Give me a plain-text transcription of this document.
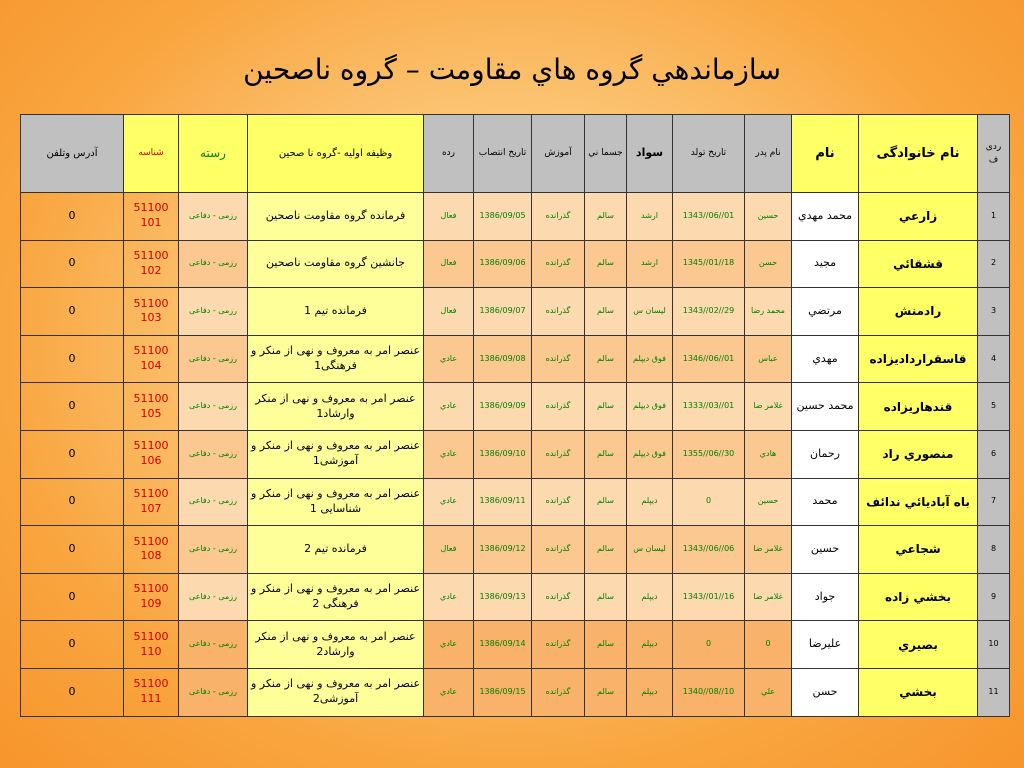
سازماندهي گروه هاي مقاومت – گروه ناصحين
آدرس وتلفن	شناسه	رسته	وظيفه اوليه -گروه نا صحين	رده	تاريخ انتصاب	آموزش	جسما ني	سواد	تاريخ تولد	نام پدر	نام	نام خانوادگی	ردی ف
0	51100 101	رزمی - دفاعی	فرمانده گروه مقاومت ناصحين	فعال	1386/09/05	گذرانده	سالم	ارشد	1343//06//01	حسين	محمد مهدي	زارعي	1
0	51100 102	رزمی - دفاعی	جانشین گروه مقاومت ناصحين	فعال	1386/09/06	گذرانده	سالم	ارشد	1345//01//18	حسن	مجيد	قشقائي	2
0	51100 103	رزمی - دفاعی	فرمانده تیم 1	فعال	1386/09/07	گذرانده	سالم	ليسان س	1343//02//29	محمد رضا	مرتضي	رادمنش	3
0	51100 104	رزمی - دفاعی	عنصر امر به معروف و نهی از منکر و فرهنگی1	عادي	1386/09/08	گذرانده	سالم	فوق ديپلم	1346//06//01	عباس	مهدي	قاسقرارداديزاده	4
0	51100 105	رزمی - دفاعی	عنصر امر به معروف و نهی از منکر وارشاد1	عادي	1386/09/09	گذرانده	سالم	فوق ديپلم	1333//03//01	غلامر ضا	محمد حسين	قندهاريزاده	5
0	51100 106	رزمی - دفاعی	عنصر امر به معروف و نهی از منکر و آموزشی1	عادي	1386/09/10	گذرانده	سالم	فوق ديپلم	1355//06//30	هادي	رحمان	منصوري راد	6
0	51100 107	رزمی - دفاعی	عنصر امر به معروف و نهی از منکر و شناسایی 1	عادي	1386/09/11	گذرانده	سالم	ديپلم	0	حسين	محمد	باه آباديائي ندائف	7
0	51100 108	رزمی - دفاعی	فرمانده تیم 2	فعال	1386/09/12	گذرانده	سالم	ليسان س	1343//06//06	غلامر ضا	حسين	شجاعي	8
0	51100 109	رزمی - دفاعی	عنصر امر به معروف و نهی از منکر و فرهنگی 2	عادي	1386/09/13	گذرانده	سالم	ديپلم	1343//01//16	غلامر ضا	جواد	بخشي زاده	9
0	51100 110	رزمی - دفاعی	عنصر امر به معروف و نهی از منکر وارشاد2	عادي	1386/09/14	گذرانده	سالم	ديپلم	0	0	عليرضا	بصيري	10
0	51100 111	رزمی - دفاعی	عنصر امر به معروف و نهی از منکر و آموزشی2	عادي	1386/09/15	گذرانده	سالم	ديپلم	1340//08//10	علي	حسن	بخشي	11
